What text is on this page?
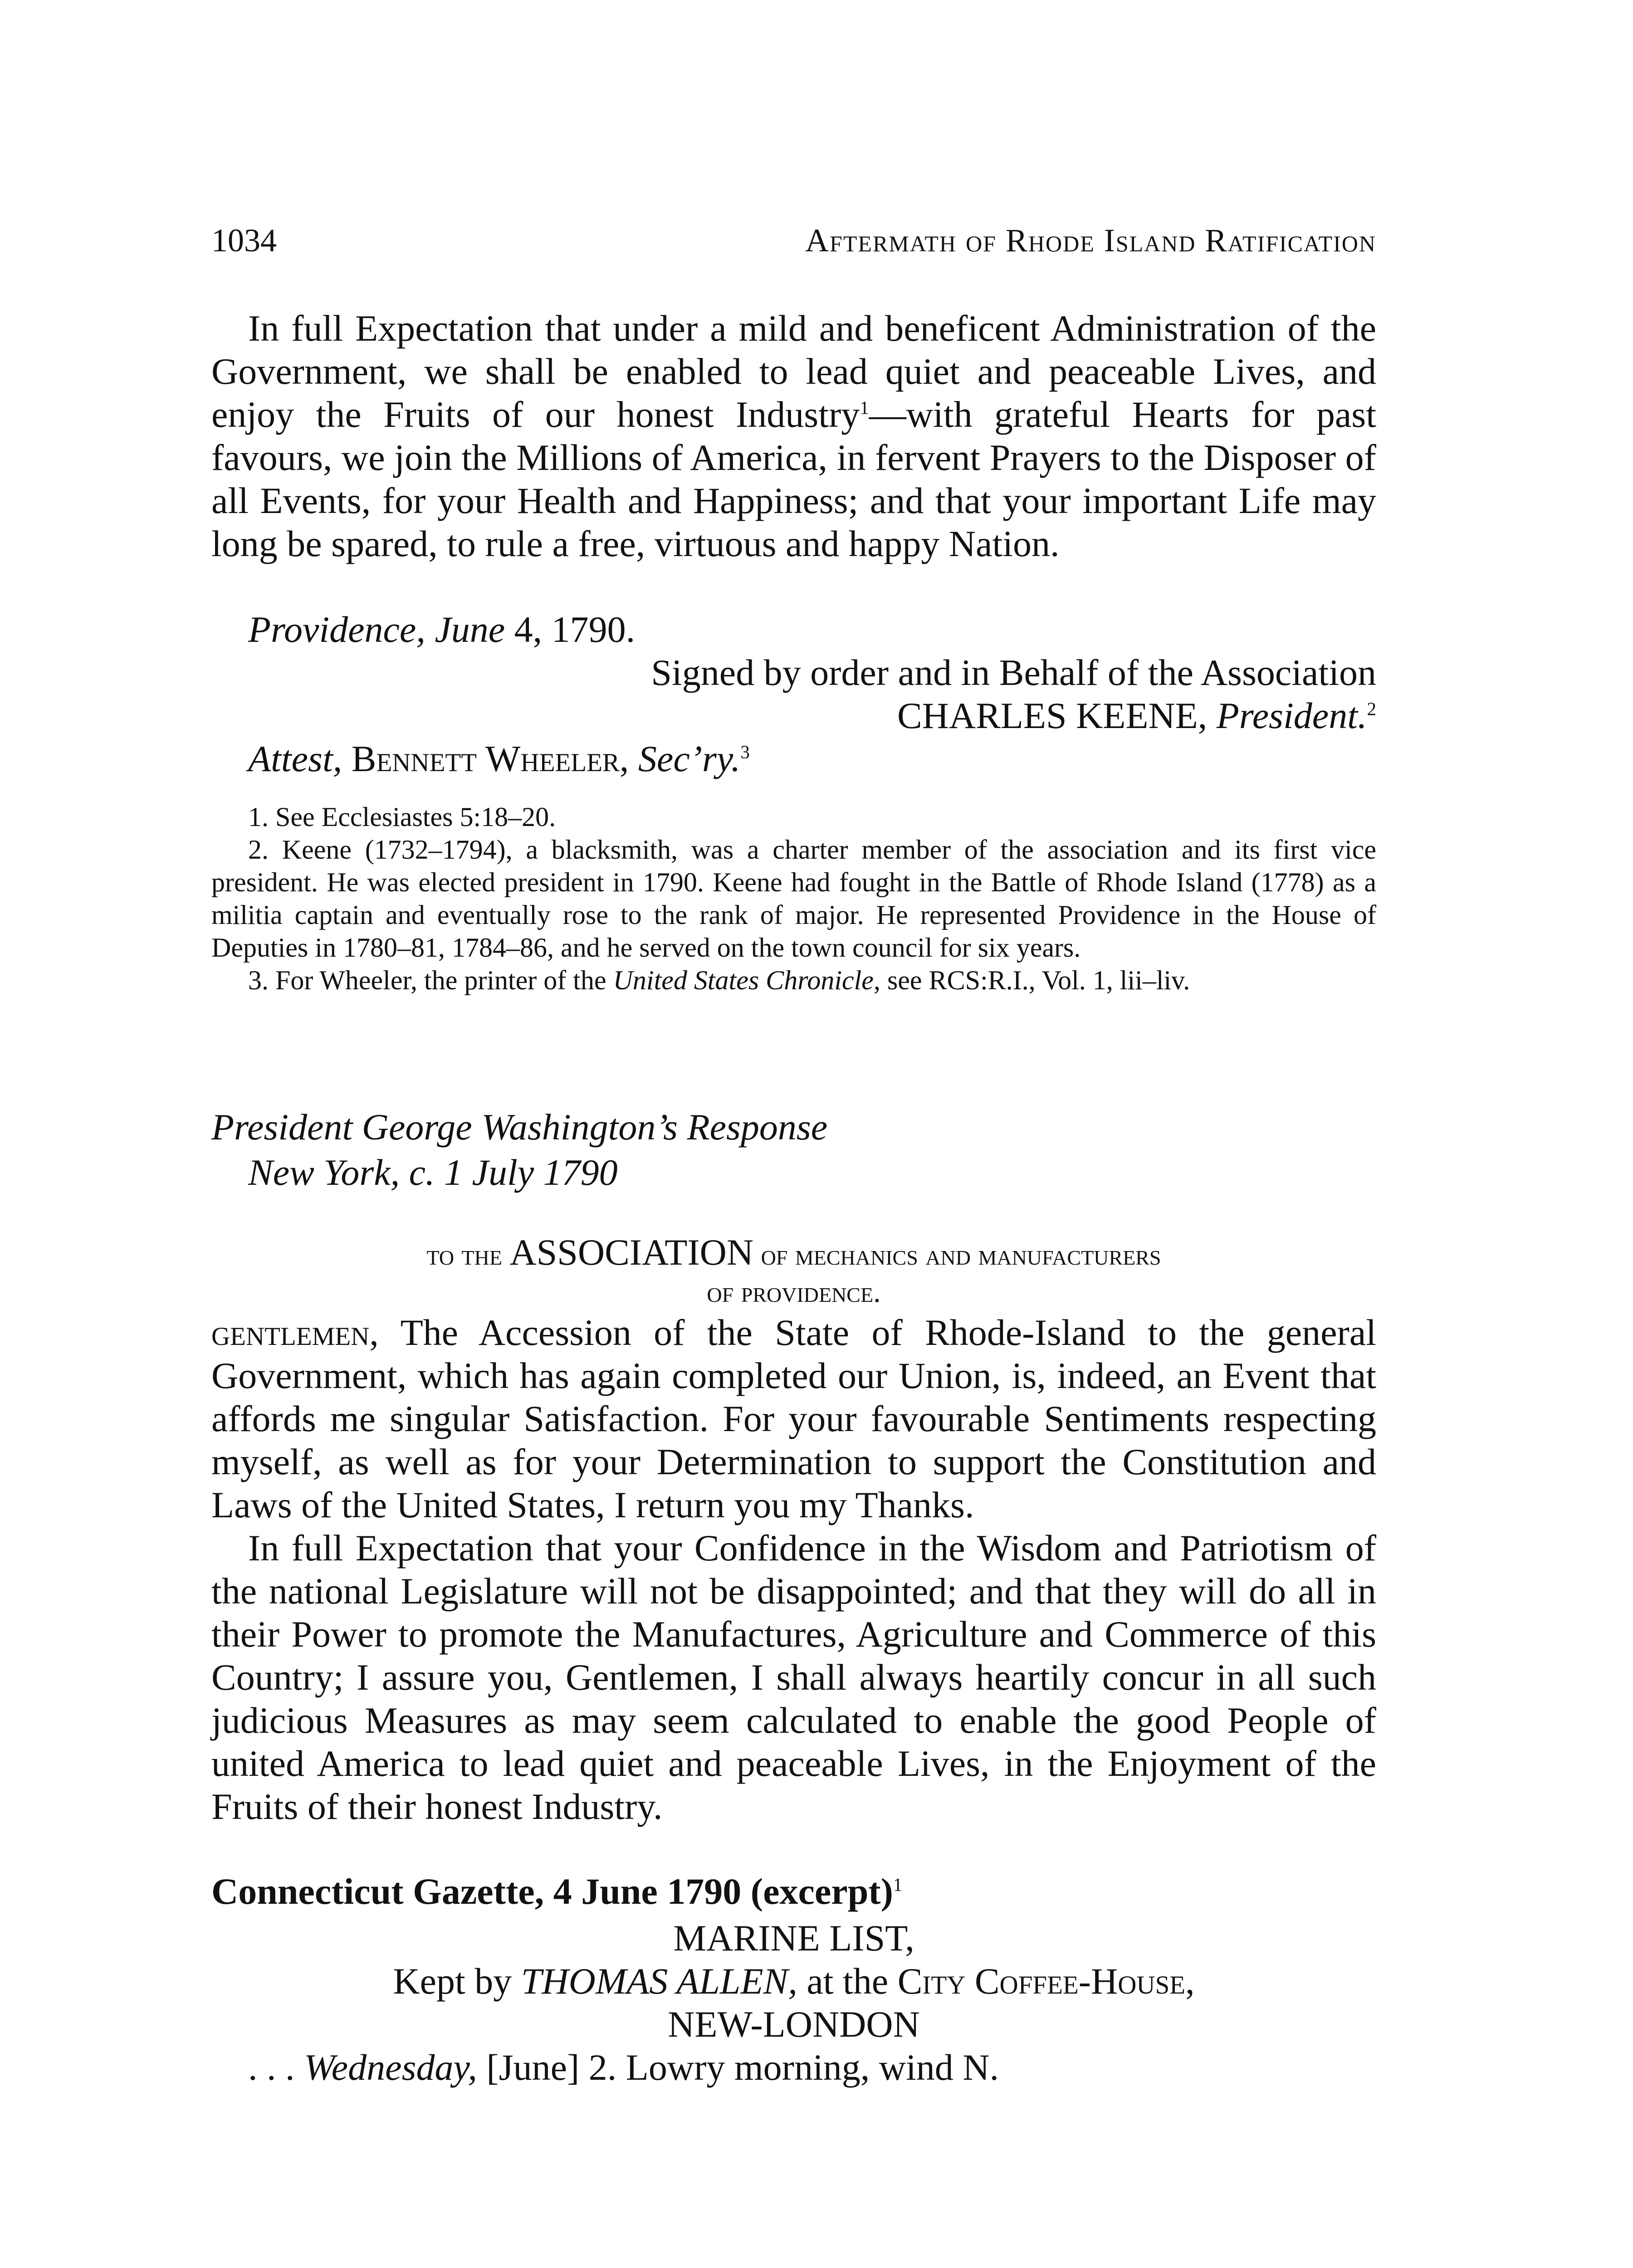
1034	Aftermath of Rhode Island Ratification

In full Expectation that under a mild and beneficent Administration of the Government, we shall be enabled to lead quiet and peaceable Lives, and enjoy the Fruits of our honest Industry$^1$—with grateful Hearts for past favours, we join the Millions of America, in fervent Prayers to the Disposer of all Events, for your Health and Happiness; and that your important Life may long be spared, to rule a free, virtuous and happy Nation.

Providence, June 4, 1790.
Signed by order and in Behalf of the Association
CHARLES KEENE, President.$^2$
Attest, Bennett Wheeler, Sec’ry.$^3$

1. See Ecclesiastes 5:18–20.

2. Keene (1732–1794), a blacksmith, was a charter member of the association and its first vice president. He was elected president in 1790. Keene had fought in the Battle of Rhode Island (1778) as a militia captain and eventually rose to the rank of major. He represented Providence in the House of Deputies in 1780–81, 1784–86, and he served on the town council for six years.

3. For Wheeler, the printer of the United States Chronicle, see RCS:R.I., Vol. 1, lii–liv.

President George Washington’s Response
New York, c. 1 July 1790
to the ASSOCIATION of mechanics and manufacturers
of providence.

gentlemen, The Accession of the State of Rhode-Island to the general Government, which has again completed our Union, is, indeed, an Event that affords me singular Satisfaction. For your favourable Sentiments respecting myself, as well as for your Determination to support the Constitution and Laws of the United States, I return you my Thanks.

In full Expectation that your Confidence in the Wisdom and Patriotism of the national Legislature will not be disappointed; and that they will do all in their Power to promote the Manufactures, Agriculture and Commerce of this Country; I assure you, Gentlemen, I shall always heartily concur in all such judicious Measures as may seem calculated to enable the good People of united America to lead quiet and peaceable Lives, in the Enjoyment of the Fruits of their honest Industry.

Connecticut Gazette, 4 June 1790 (excerpt)$^1$
MARINE LIST,
Kept by THOMAS ALLEN, at the City Coffee-House,
NEW-LONDON
. . . Wednesday, [June] 2. Lowry morning, wind N.
